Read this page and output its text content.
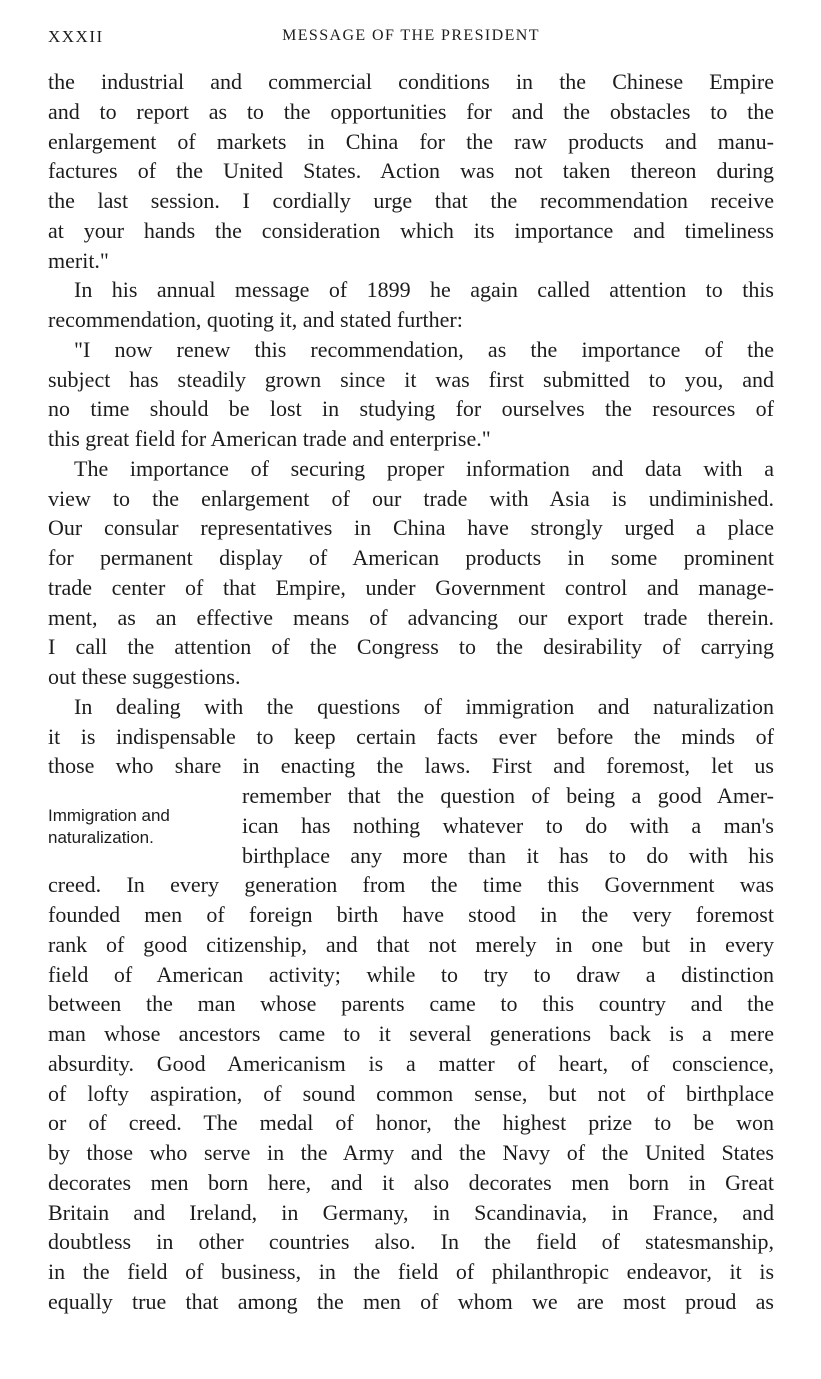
XXXII	MESSAGE OF THE PRESIDENT
Immigration and
naturalization.
the industrial and commercial conditions in the Chinese Empire
and to report as to the opportunities for and the obstacles to the
enlargement of markets in China for the raw products and manu-
factures of the United States. Action was not taken thereon during
the last session. I cordially urge that the recommendation receive
at your hands the consideration which its importance and timeliness
merit."
In his annual message of 1899 he again called attention to this
recommendation, quoting it, and stated further:
"I now renew this recommendation, as the importance of the
subject has steadily grown since it was first submitted to you, and
no time should be lost in studying for ourselves the resources of
this great field for American trade and enterprise."
The importance of securing proper information and data with a
view to the enlargement of our trade with Asia is undiminished.
Our consular representatives in China have strongly urged a place
for permanent display of American products in some prominent
trade center of that Empire, under Government control and manage-
ment, as an effective means of advancing our export trade therein.
I call the attention of the Congress to the desirability of carrying
out these suggestions.
In dealing with the questions of immigration and naturalization
it is indispensable to keep certain facts ever before the minds of
those who share in enacting the laws. First and foremost, let us
remember that the question of being a good Amer-
ican has nothing whatever to do with a man's
birthplace any more than it has to do with his
creed. In every generation from the time this Government was
founded men of foreign birth have stood in the very foremost
rank of good citizenship, and that not merely in one but in every
field of American activity; while to try to draw a distinction
between the man whose parents came to this country and the
man whose ancestors came to it several generations back is a mere
absurdity. Good Americanism is a matter of heart, of conscience,
of lofty aspiration, of sound common sense, but not of birthplace
or of creed. The medal of honor, the highest prize to be won
by those who serve in the Army and the Navy of the United States
decorates men born here, and it also decorates men born in Great
Britain and Ireland, in Germany, in Scandinavia, in France, and
doubtless in other countries also. In the field of statesmanship,
in the field of business, in the field of philanthropic endeavor, it is
equally true that among the men of whom we are most proud as
